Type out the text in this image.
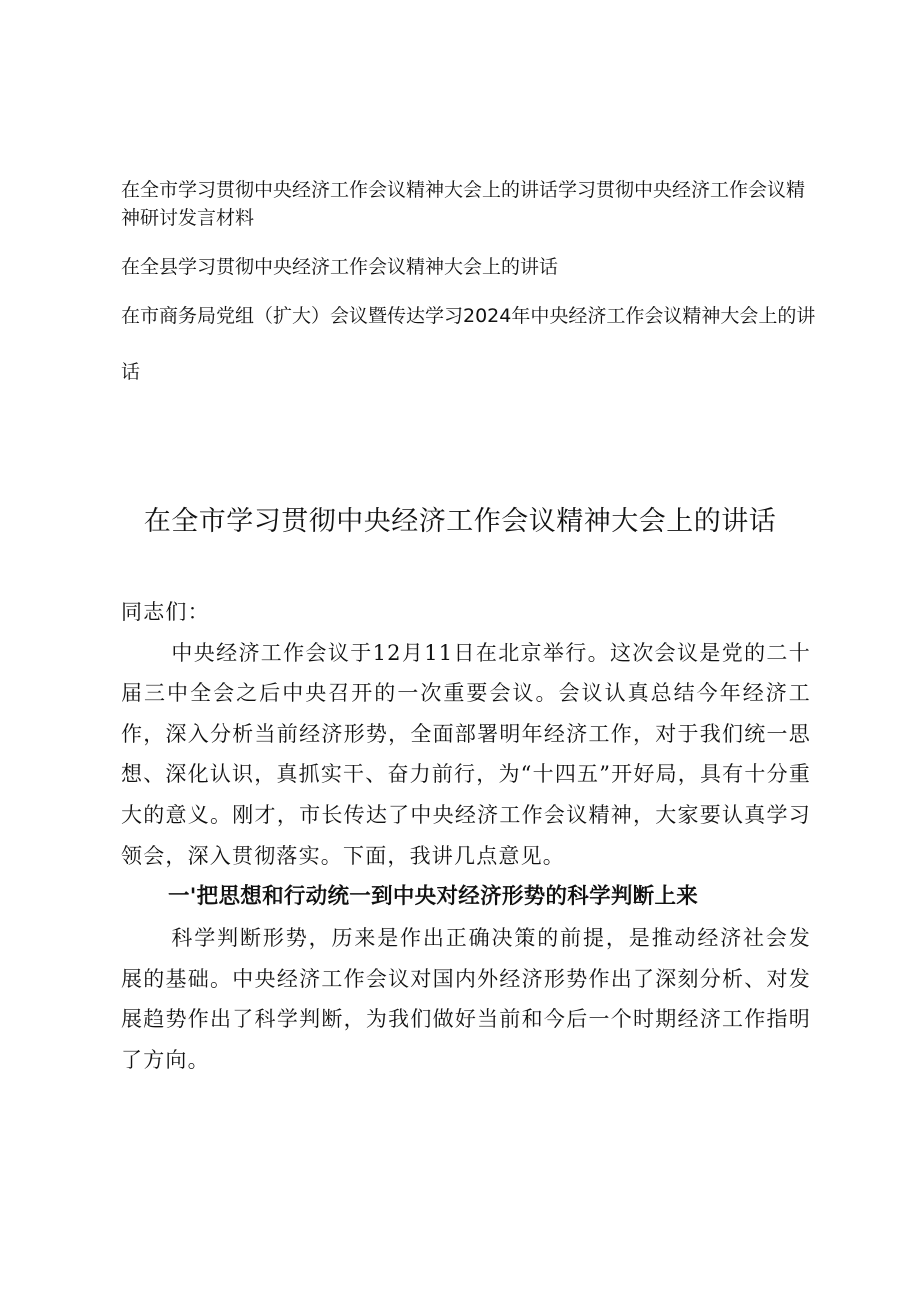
在全市学习贯彻中央经济工作会议精神大会上的讲话学习贯彻中央经济工作会议精神研讨发言材料

在全县学习贯彻中央经济工作会议精神大会上的讲话

在市商务局党组（扩大）会议暨传达学习2024年中央经济工作会议精神大会上的讲话

在全市学习贯彻中央经济工作会议精神大会上的讲话

同志们：

中央经济工作会议于12月11日在北京举行。这次会议是党的二十届三中全会之后中央召开的一次重要会议。会议认真总结今年经济工作，深入分析当前经济形势，全面部署明年经济工作，对于我们统一思想、深化认识，真抓实干、奋力前行，为“十四五”开好局，具有十分重大的意义。刚才，市长传达了中央经济工作会议精神，大家要认真学习领会，深入贯彻落实。下面，我讲几点意见。

一'把思想和行动统一到中央对经济形势的科学判断上来

科学判断形势，历来是作出正确决策的前提，是推动经济社会发展的基础。中央经济工作会议对国内外经济形势作出了深刻分析、对发展趋势作出了科学判断，为我们做好当前和今后一个时期经济工作指明了方向。
